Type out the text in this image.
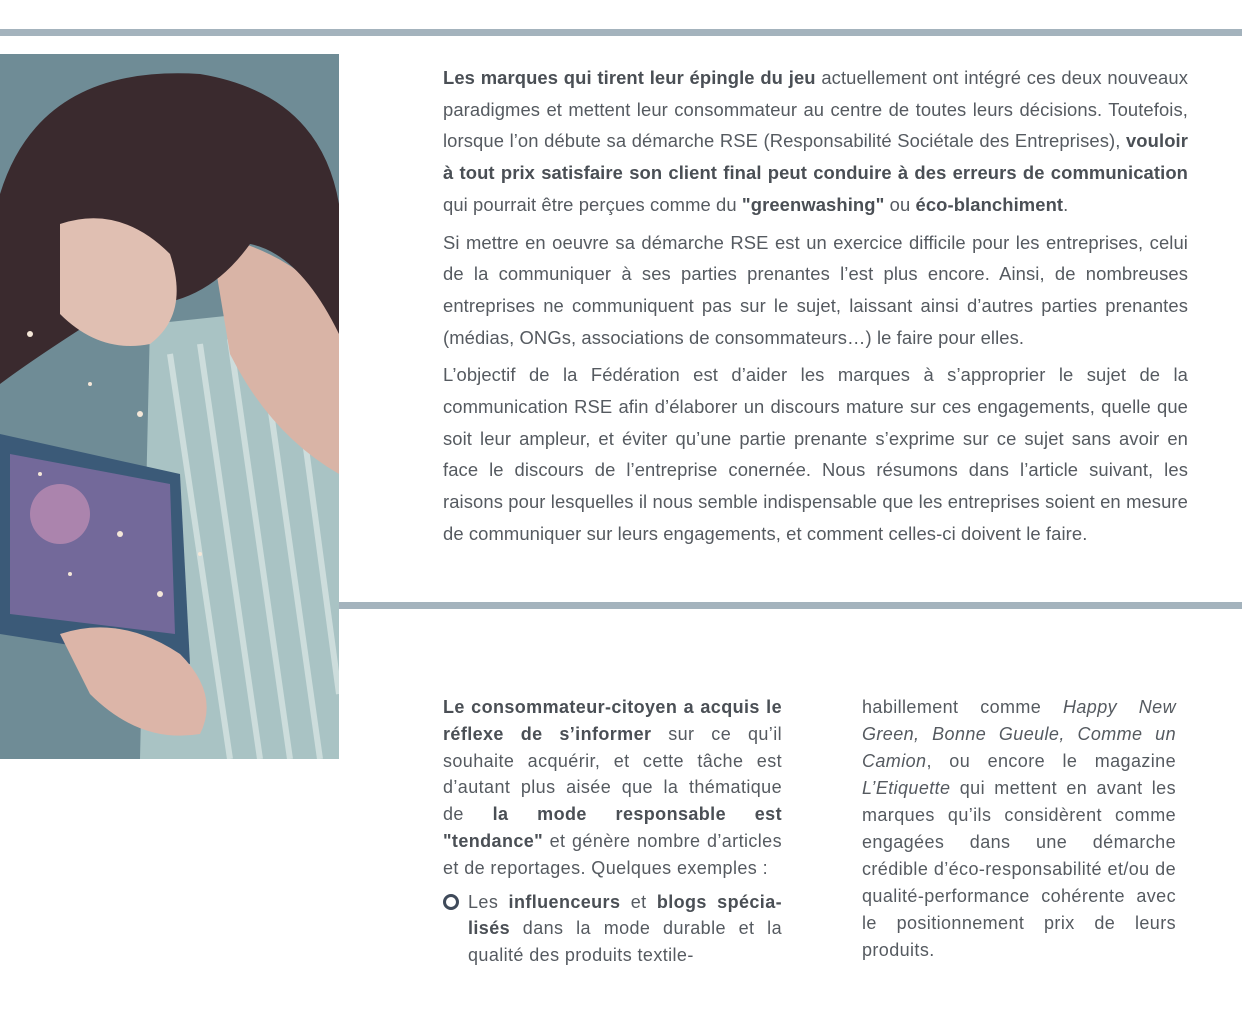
Les marques qui tirent leur épingle du jeu actuellement ont intégré ces deux nouveaux paradigmes et mettent leur consommateur au centre de toutes leurs décisions. Toutefois, lorsque l’on débute sa démarche RSE (Responsabilité Sociétale des Entreprises), vouloir à tout prix satisfaire son client final peut conduire à des erreurs de communication qui pourrait être perçues comme du "greenwashing" ou éco-blanchiment.

Si mettre en oeuvre sa démarche RSE est un exercice difficile pour les entreprises, celui de la communiquer à ses parties prenantes l’est plus encore. Ainsi, de nombreuses entreprises ne communiquent pas sur le sujet, laissant ainsi d’autres parties prenantes (médias, ONGs, associations de consommateurs…) le faire pour elles.

L’objectif de la Fédération est d’aider les marques à s’approprier le sujet de la communication RSE afin d’élaborer un discours mature sur ces engagements, quelle que soit leur ampleur, et éviter qu’une partie prenante s’exprime sur ce sujet sans avoir en face le discours de l’entreprise conernée. Nous résumons dans l’article suivant, les raisons pour lesquelles il nous semble indispensable que les entreprises soient en mesure de communiquer sur leurs engagements, et comment celles-ci doivent le faire.

Le consommateur-citoyen a acquis le réflexe de s’informer sur ce qu’il souhaite acquérir, et cette tâche est d’autant plus aisée que la thématique de la mode responsable est "tendance" et génère nombre d’articles et de reportages. Quelques exemples :

Les influenceurs et blogs spécia-lisés dans la mode durable et la qualité des produits textile-

habillement comme Happy New Green, Bonne Gueule, Comme un Camion, ou encore le magazine L’Etiquette qui mettent en avant les marques qu’ils considèrent comme engagées dans une démarche crédible d’éco-responsabilité et/ou de qualité-performance cohérente avec le positionnement prix de leurs produits.
